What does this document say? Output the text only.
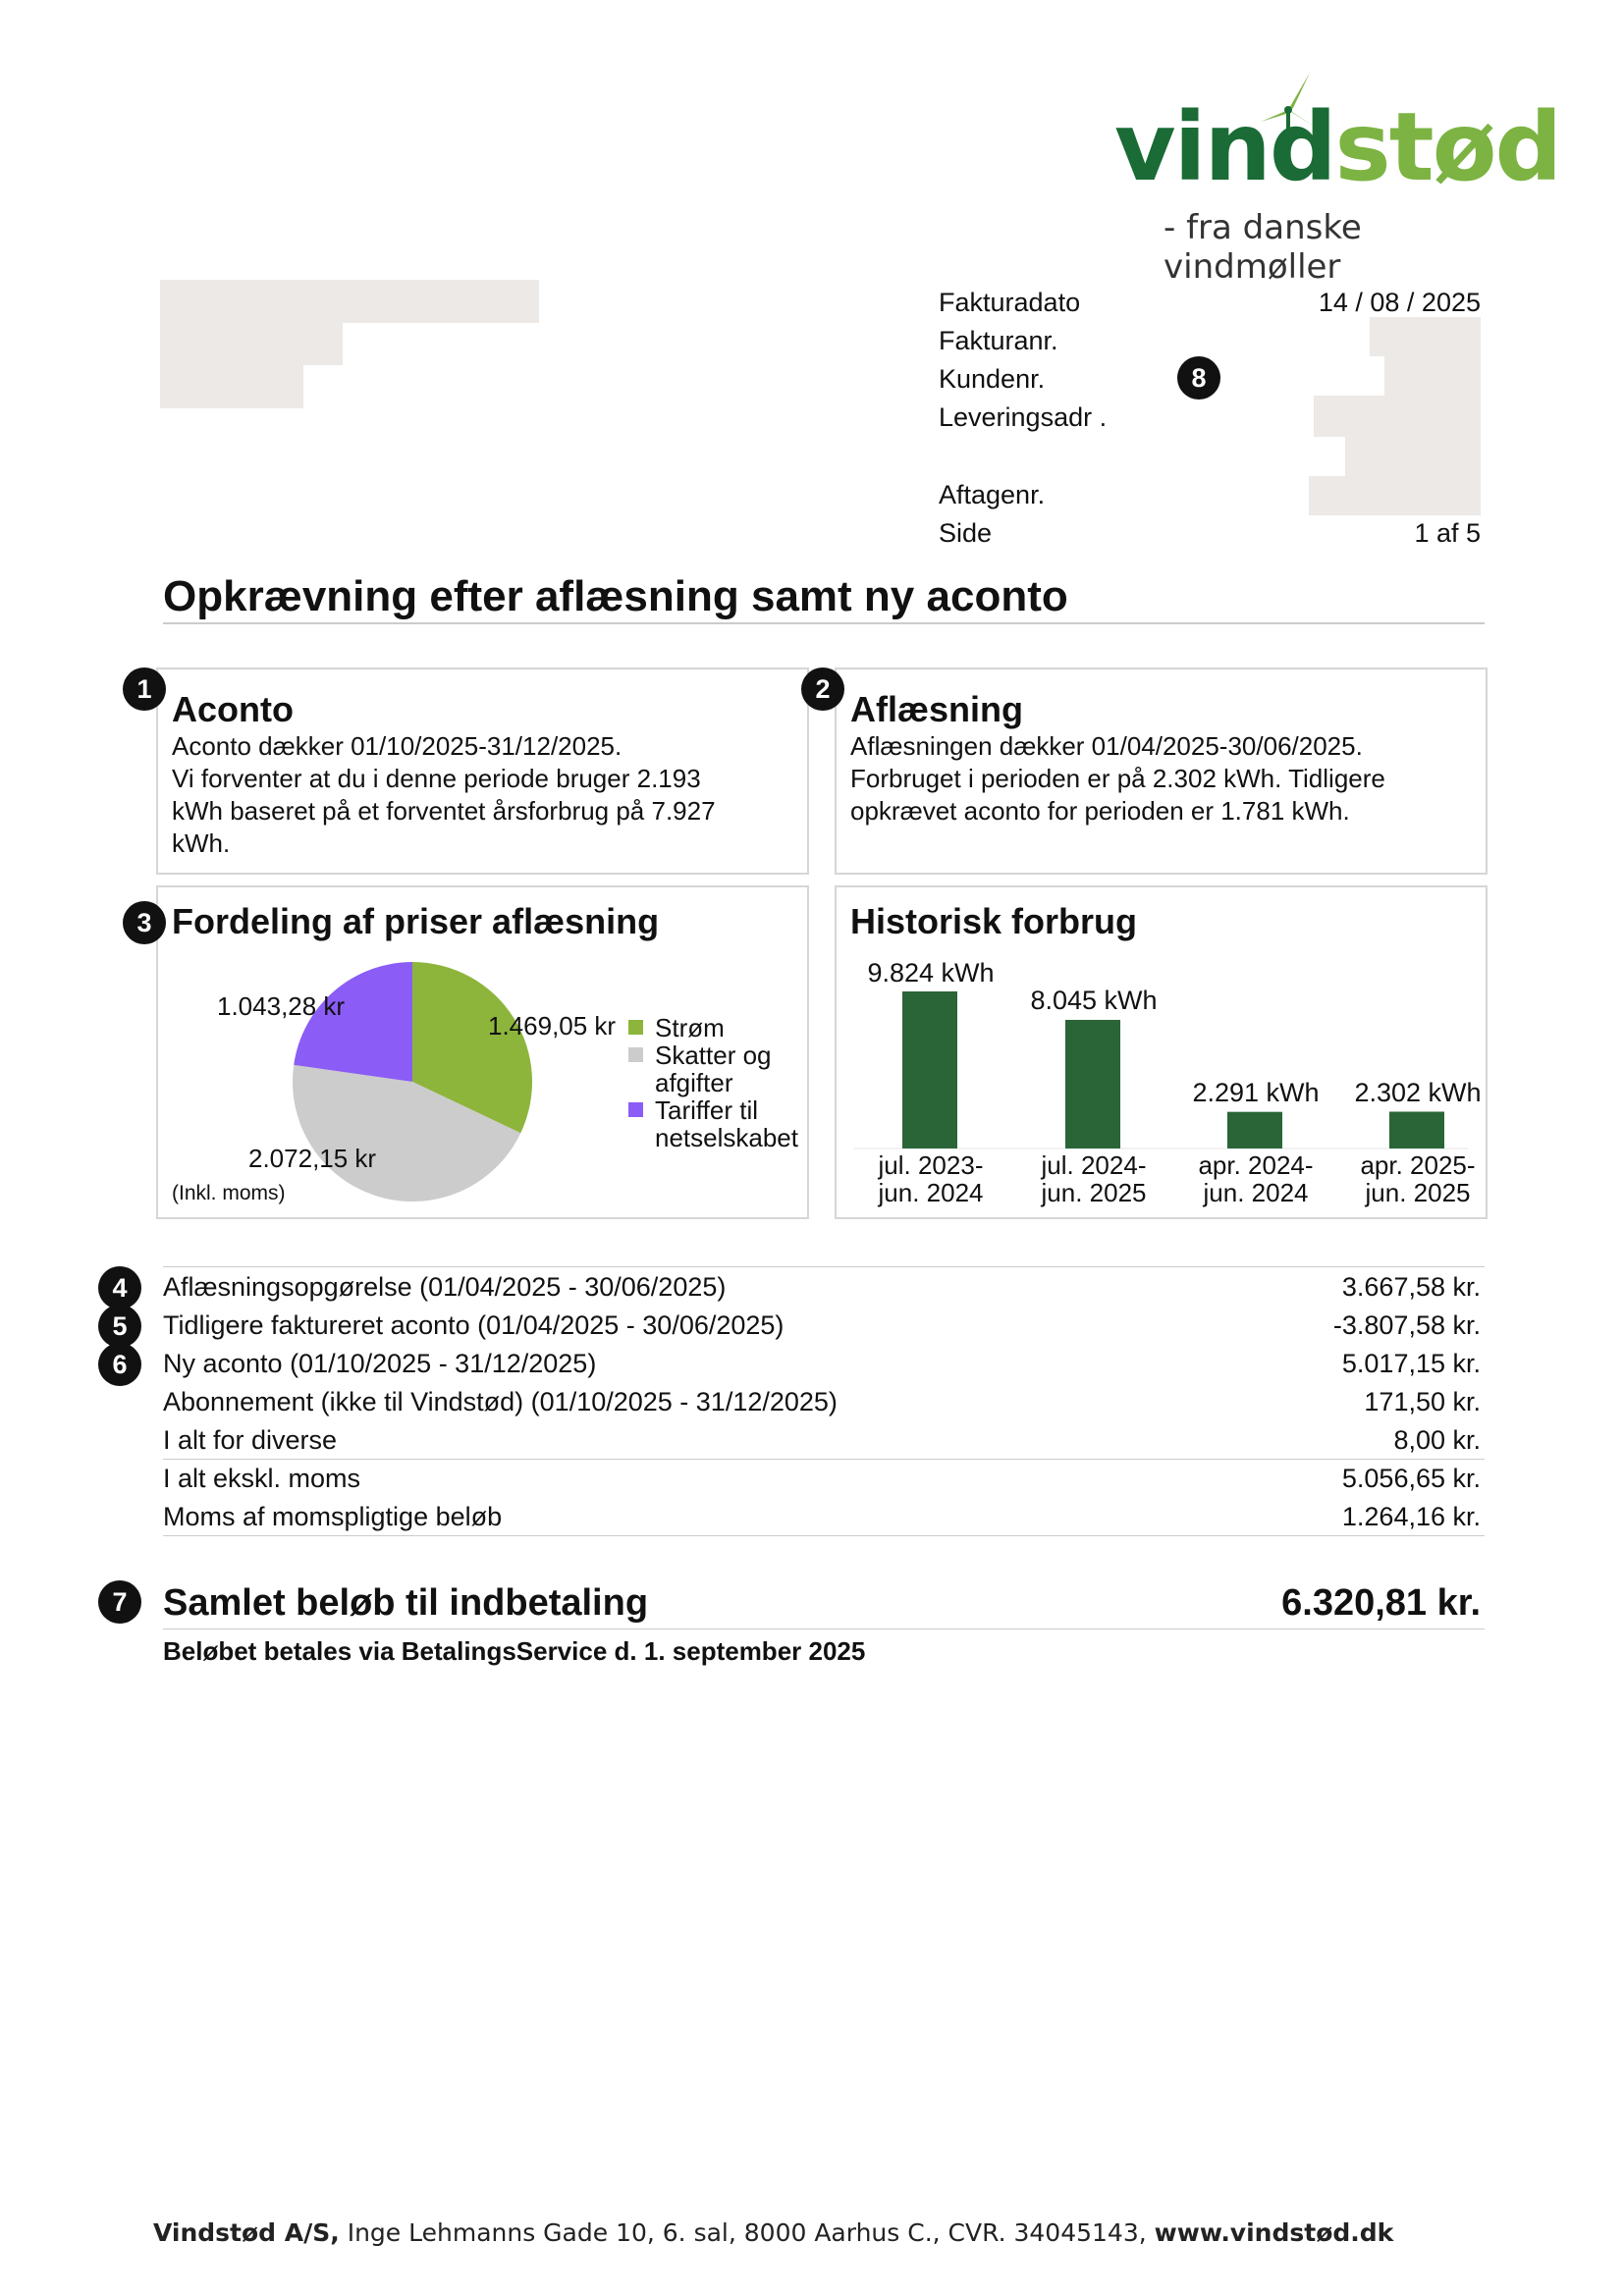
vindstød
- fra danske vindmøller
Fakturadato	14 / 08 / 2025
Fakturanr.
Kundenr.
Leveringsadr .
Aftagenr.
Side	1 af 5
8
Opkrævning efter aflæsning samt ny aconto
1
Aconto
Aconto dækker 01/10/2025-31/12/2025.
Vi forventer at du i denne periode bruger 2.193
kWh baseret på et forventet årsforbrug på 7.927
kWh.
2
Aflæsning
Aflæsningen dækker 01/04/2025-30/06/2025.
Forbruget i perioden er på 2.302 kWh. Tidligere
opkrævet aconto for perioden er 1.781 kWh.
3 Fordeling af priser aflæsning
1.043,28 kr
1.469,05 kr
2.072,15 kr
(Inkl. moms)
Strøm
Skatter og
afgifter
Tariffer til
netselskabet
Historisk forbrug
9.824 kWh
8.045 kWh
2.291 kWh	2.302 kWh
jul. 2023-
jun. 2024
jul. 2024-
jun. 2025
apr. 2024-
jun. 2024
apr. 2025-
jun. 2025
4
5
6
Aflæsningsopgørelse (01/04/2025 - 30/06/2025)	3.667,58 kr.
Tidligere faktureret aconto (01/04/2025 - 30/06/2025)	-3.807,58 kr.
Ny aconto (01/10/2025 - 31/12/2025)	5.017,15 kr.
Abonnement (ikke til Vindstød) (01/10/2025 - 31/12/2025)	171,50 kr.
I alt for diverse	8,00 kr.
I alt ekskl. moms	5.056,65 kr.
Moms af momspligtige beløb	1.264,16 kr.
7 Samlet beløb til indbetaling	6.320,81 kr.
Beløbet betales via BetalingsService d. 1. september 2025
Vindstød A/S, Inge Lehmanns Gade 10, 6. sal, 8000 Aarhus C., CVR. 34045143, www.vindstød.dk
